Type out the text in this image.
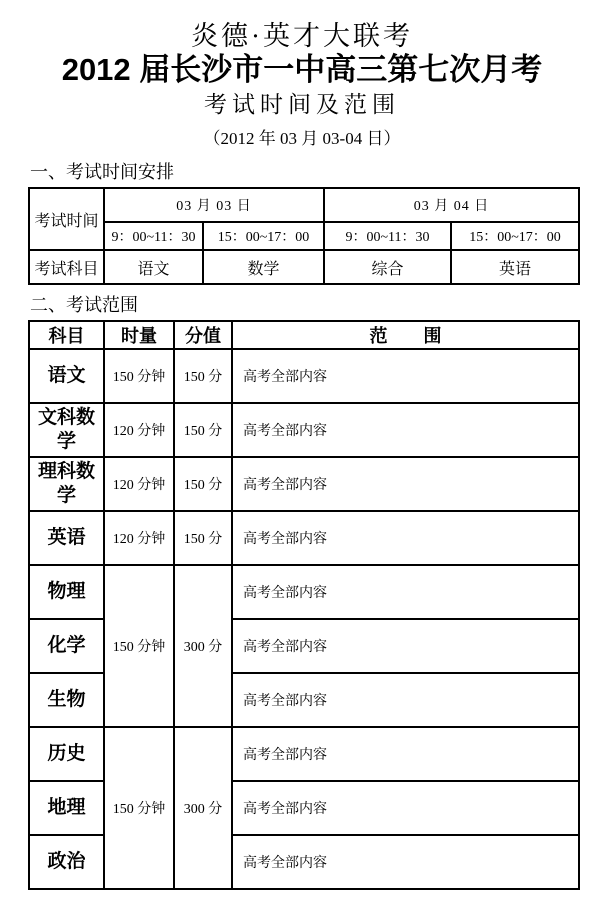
炎德·英才大联考
2012 届长沙市一中高三第七次月考
考试时间及范围
（2012 年 03 月 03-04 日）
一、考试时间安排
考试时间	03 月 03 日		03 月 04 日	
	9：00~11：30	15：00~17：00	9：00~11：30	15：00~17：00
考试科目	语文	数学	综合	英语
二、考试范围
科目	时量	分值	范　　围
语文	150 分钟	150 分	高考全部内容
文科数学	120 分钟	150 分	高考全部内容
理科数学	120 分钟	150 分	高考全部内容
英语	120 分钟	150 分	高考全部内容
物理	150 分钟	300 分	高考全部内容
化学			高考全部内容
生物			高考全部内容
历史	150 分钟	300 分	高考全部内容
地理			高考全部内容
政治			高考全部内容
